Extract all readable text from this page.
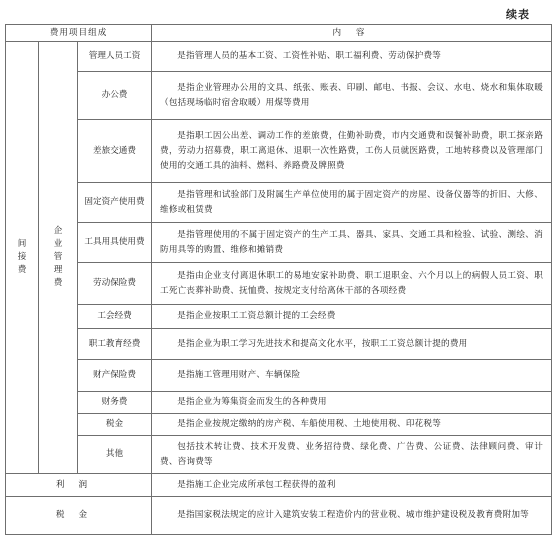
续表
费用项目组成			内 容
间接费	企业管理费	管理人员工资	是指管理人员的基本工资、工资性补贴、职工福利费、劳动保护费等
		办公费	是指企业管理办公用的文具、纸张、账表、印刷、邮电、书报、会议、水电、烧水和集体取暖（包括现场临时宿舍取暖）用煤等费用
		差旅交通费	是指职工因公出差、调动工作的差旅费，住勤补助费，市内交通费和误餐补助费，职工探亲路费，劳动力招募费，职工离退休、退职一次性路费，工伤人员就医路费，工地转移费以及管理部门使用的交通工具的油料、燃料、养路费及牌照费
		固定资产使用费	是指管理和试验部门及附属生产单位使用的属于固定资产的房屋、设备仪器等的折旧、大修、维修或租赁费
		工具用具使用费	是指管理使用的不属于固定资产的生产工具、器具、家具、交通工具和检验、试验、测绘、消防用具等的购置、维修和摊销费
		劳动保险费	是指由企业支付离退休职工的易地安家补助费、职工退职金、六个月以上的病假人员工资、职工死亡丧葬补助费、抚恤费、按规定支付给离休干部的各项经费
		工会经费	是指企业按职工工资总额计提的工会经费
		职工教育经费	是指企业为职工学习先进技术和提高文化水平，按职工工资总额计提的费用
		财产保险费	是指施工管理用财产、车辆保险
		财务费	是指企业为筹集资金而发生的各种费用
		税金	是指企业按规定缴纳的房产税、车船使用税、土地使用税、印花税等
		其他	包括技术转让费、技术开发费、业务招待费、绿化费、广告费、公证费、法律顾问费、审计费、咨询费等
利润			是指施工企业完成所承包工程获得的盈利
税金			是指国家税法规定的应计入建筑安装工程造价内的营业税、城市维护建设税及教育费附加等
